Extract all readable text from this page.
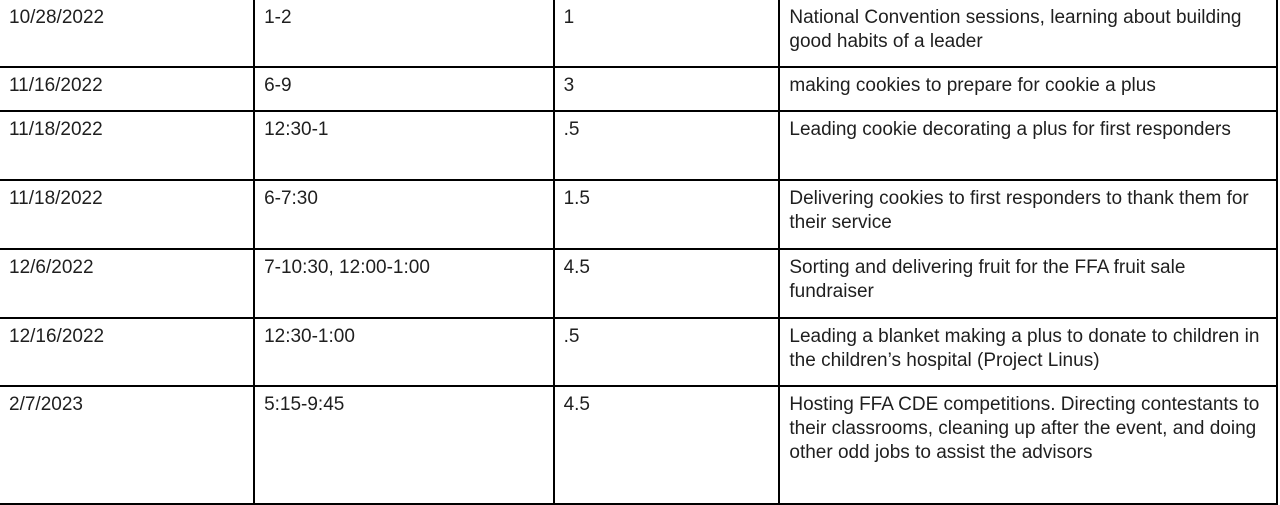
10/28/2022	1-2	1	National Convention sessions, learning about building good habits of a leader
11/16/2022	6-9	3	making cookies to prepare for cookie a plus
11/18/2022	12:30-1	.5	Leading cookie decorating a plus for first responders
11/18/2022	6-7:30	1.5	Delivering cookies to first responders to thank them for their service
12/6/2022	7-10:30, 12:00-1:00	4.5	Sorting and delivering fruit for the FFA fruit sale fundraiser
12/16/2022	12:30-1:00	.5	Leading a blanket making a plus to donate to children in the children’s hospital (Project Linus)
2/7/2023	5:15-9:45	4.5	Hosting FFA CDE competitions. Directing contestants to their classrooms, cleaning up after the event, and doing other odd jobs to assist the advisors
